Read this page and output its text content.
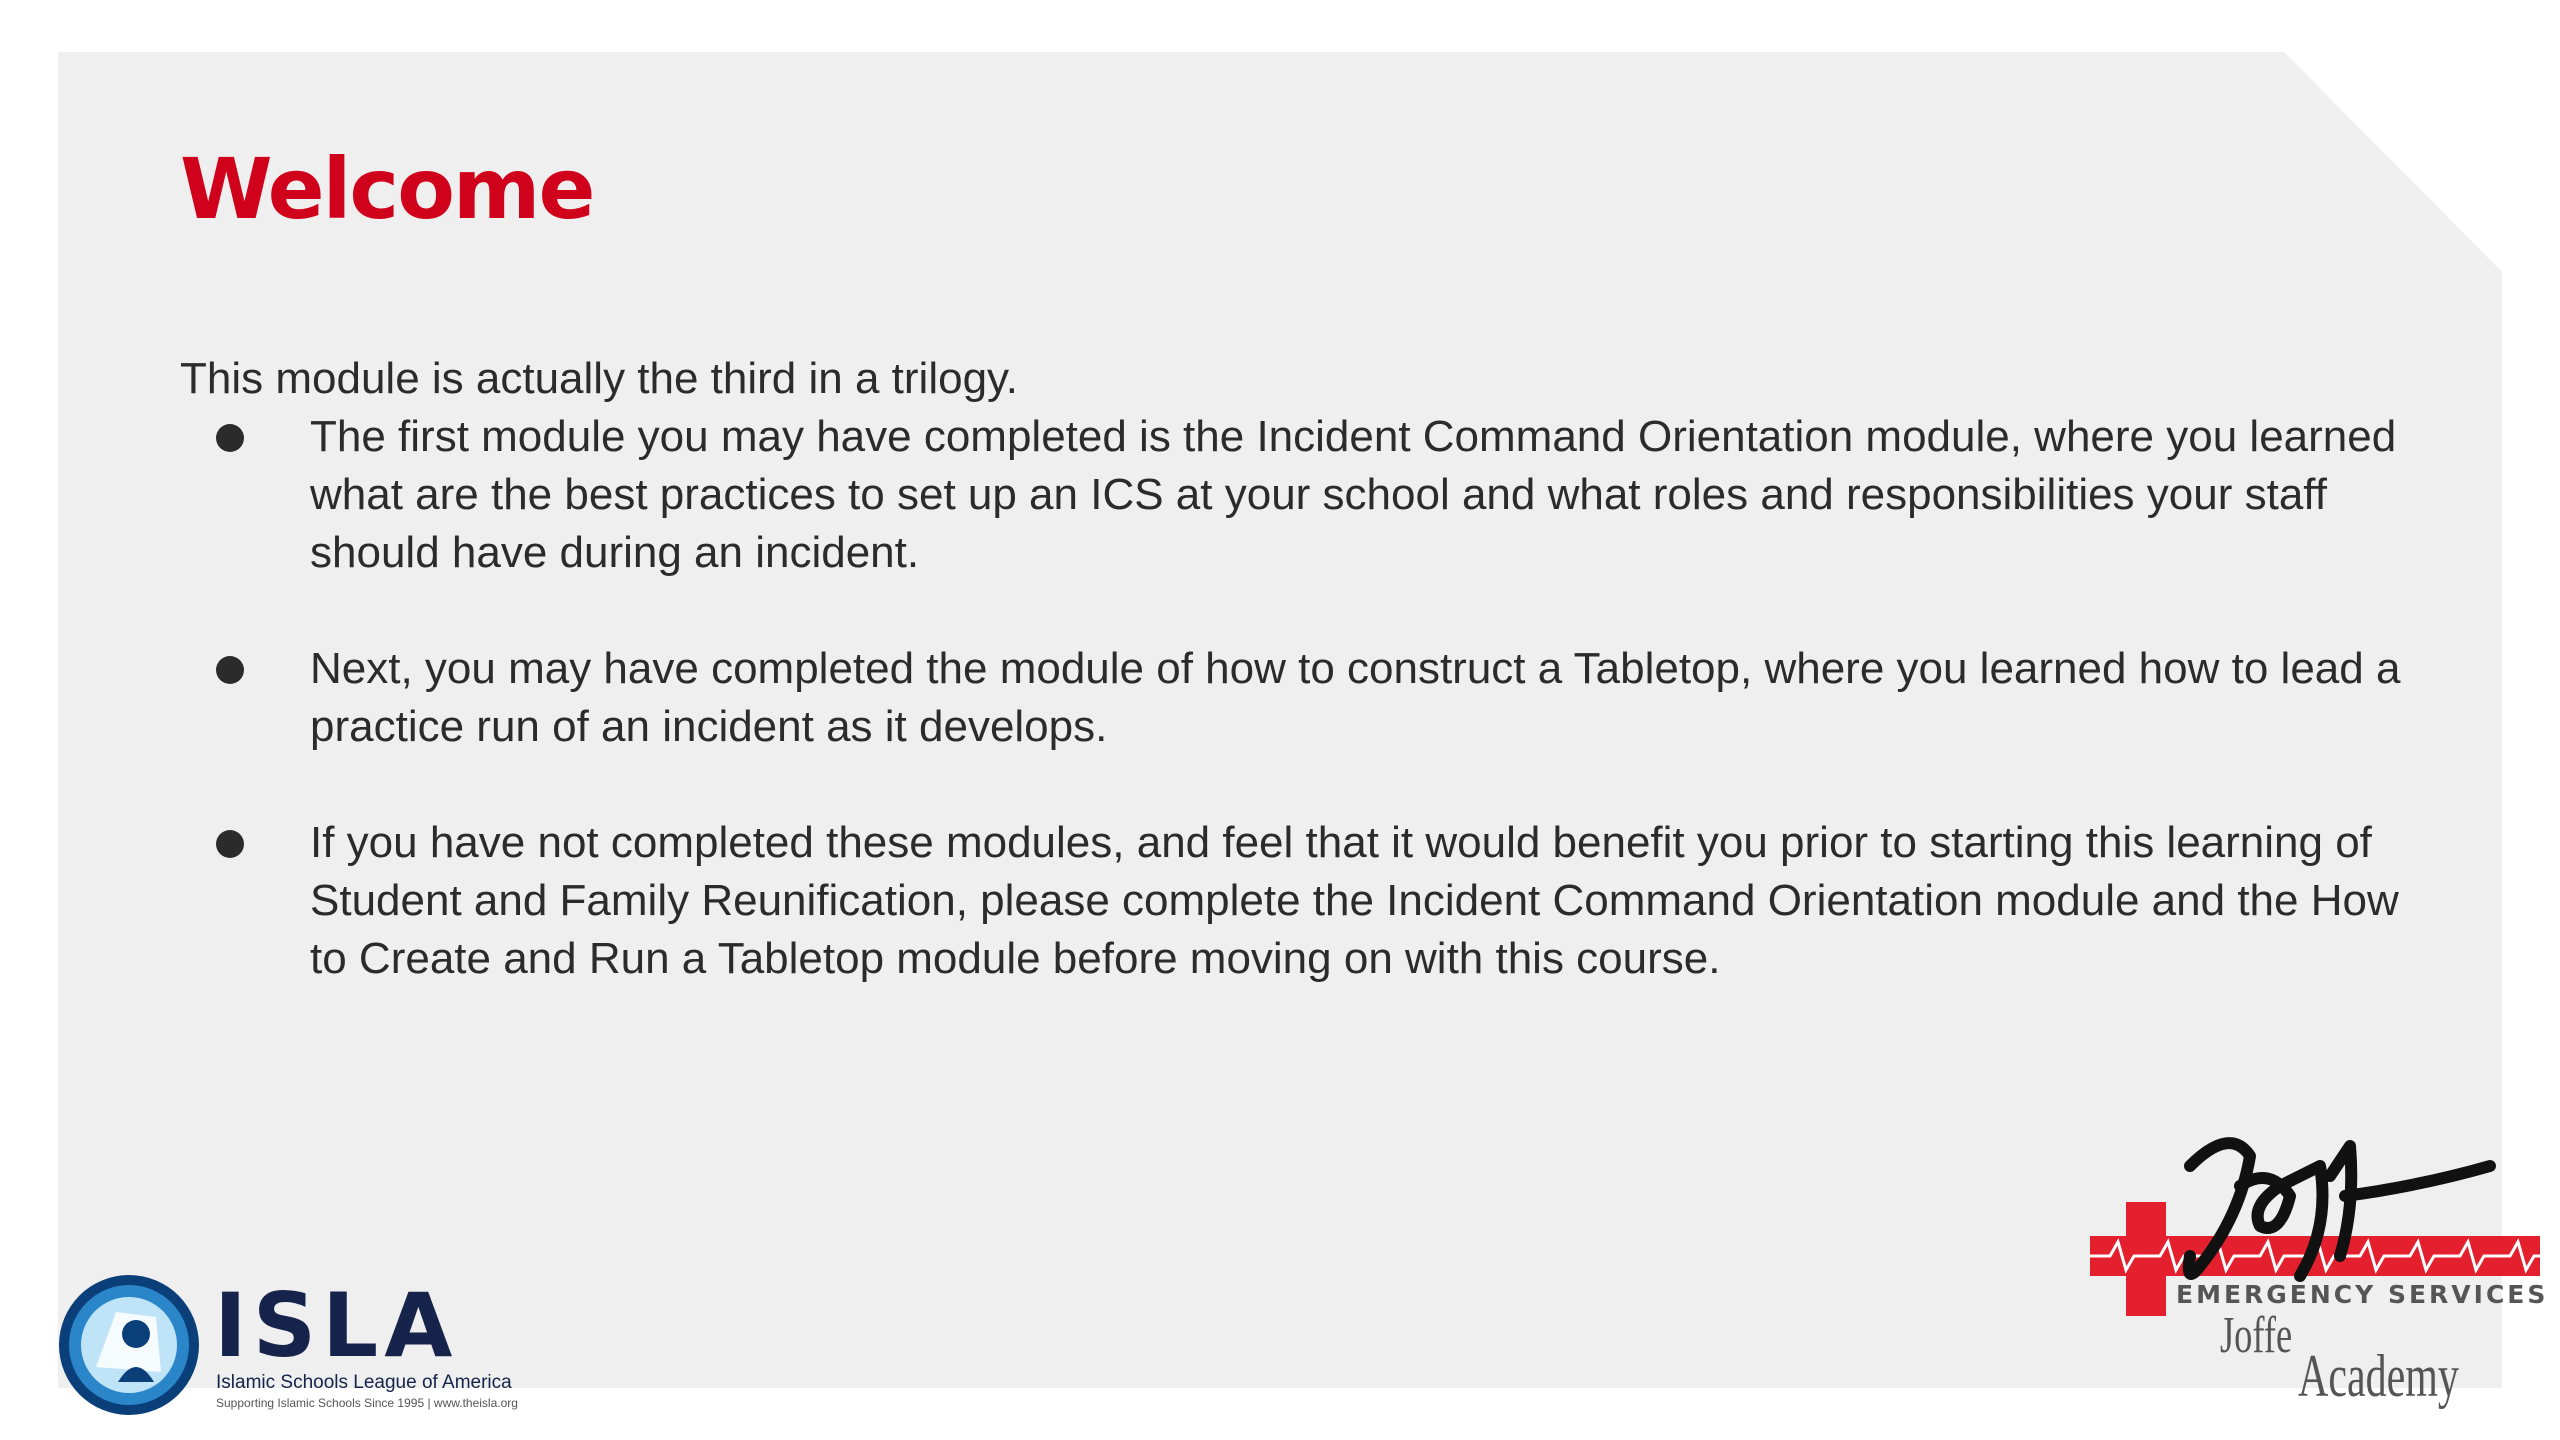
Welcome

This module is actually the third in a trilogy.

The first module you may have completed is the Incident Command Orientation module, where you learned what are the best practices to set up an ICS at your school and what roles and responsibilities your staff should have during an incident.
Next, you may have completed the module of how to construct a Tabletop, where you learned how to lead a practice run of an incident as it develops.
If you have not completed these modules, and feel that it would benefit you prior to starting this learning of Student and Family Reunification, please complete the Incident Command Orientation module and the How to Create and Run a Tabletop module before moving on with this course.
ISLA
Islamic Schools League of America
Supporting Islamic Schools Since 1995 | www.theisla.org
EMERGENCY SERVICES
Joffe
Academy
